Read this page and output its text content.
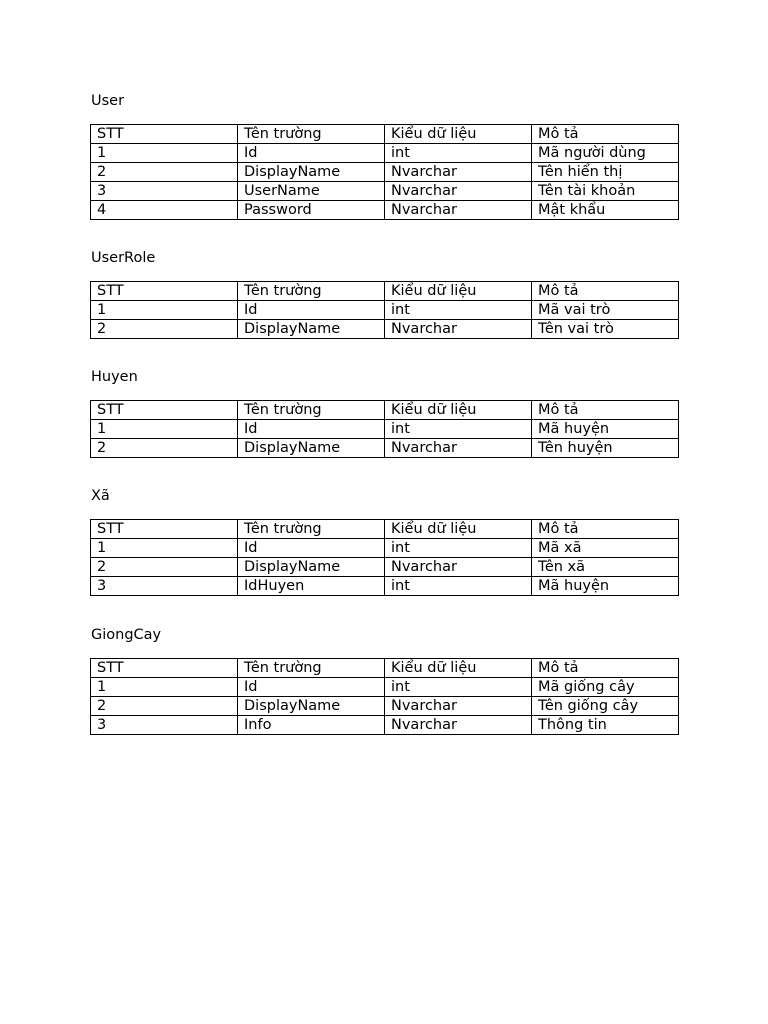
User
STT	Tên trường	Kiểu dữ liệu	Mô tả
1	Id	int	Mã người dùng
2	DisplayName	Nvarchar	Tên hiển thị
3	UserName	Nvarchar	Tên tài khoản
4	Password	Nvarchar	Mật khẩu
UserRole
STT	Tên trường	Kiểu dữ liệu	Mô tả
1	Id	int	Mã vai trò
2	DisplayName	Nvarchar	Tên vai trò
Huyen
STT	Tên trường	Kiểu dữ liệu	Mô tả
1	Id	int	Mã huyện
2	DisplayName	Nvarchar	Tên huyện
Xã
STT	Tên trường	Kiểu dữ liệu	Mô tả
1	Id	int	Mã xã
2	DisplayName	Nvarchar	Tên xã
3	IdHuyen	int	Mã huyện
GiongCay
STT	Tên trường	Kiểu dữ liệu	Mô tả
1	Id	int	Mã giống cây
2	DisplayName	Nvarchar	Tên giống cây
3	Info	Nvarchar	Thông tin
